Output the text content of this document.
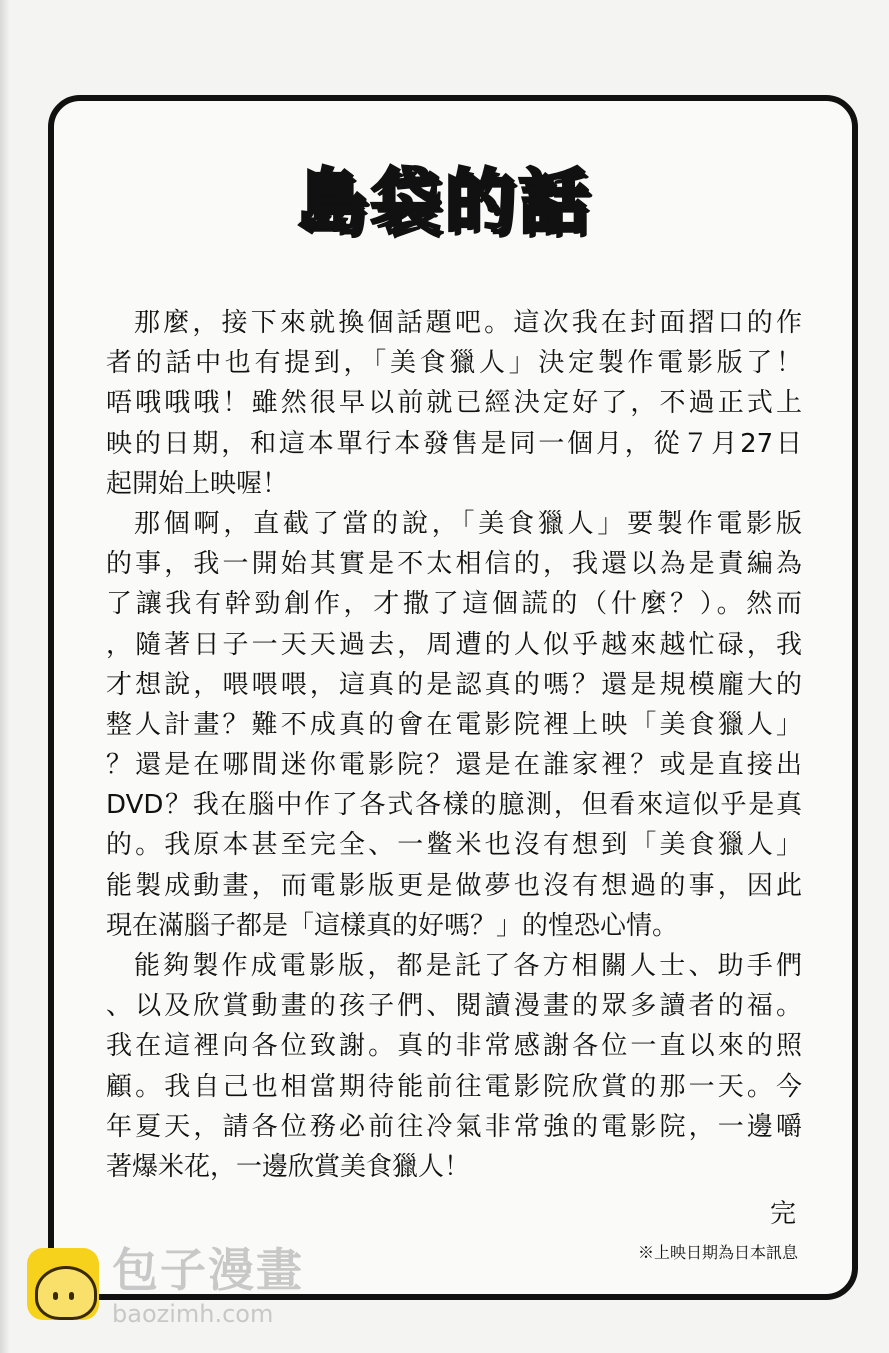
島袋的話
那麼，接下來就換個話題吧。這次我在封面摺口的作
者的話中也有提到，「美食獵人」決定製作電影版了！
唔哦哦哦！雖然很早以前就已經決定好了，不過正式上
映的日期，和這本單行本發售是同一個月，從７月27日
起開始上映喔！
那個啊，直截了當的說，「美食獵人」要製作電影版
的事，我一開始其實是不太相信的，我還以為是責編為
了讓我有幹勁創作，才撒了這個謊的（什麼？）。然而
，隨著日子一天天過去，周遭的人似乎越來越忙碌，我
才想說，喂喂喂，這真的是認真的嗎？還是規模龐大的
整人計畫？難不成真的會在電影院裡上映「美食獵人」
？還是在哪間迷你電影院？還是在誰家裡？或是直接出
DVD？我在腦中作了各式各樣的臆測，但看來這似乎是真
的。我原本甚至完全、一鳖米也沒有想到「美食獵人」
能製成動畫，而電影版更是做夢也沒有想過的事，因此
現在滿腦子都是「這樣真的好嗎？」的惶恐心情。
能夠製作成電影版，都是託了各方相關人士、助手們
、以及欣賞動畫的孩子們、閱讀漫畫的眾多讀者的福。
我在這裡向各位致謝。真的非常感謝各位一直以來的照
顧。我自己也相當期待能前往電影院欣賞的那一天。今
年夏天，請各位務必前往冷氣非常強的電影院，一邊嚼
著爆米花，一邊欣賞美食獵人！
完
※上映日期為日本訊息
包子漫畫
baozimh.com
